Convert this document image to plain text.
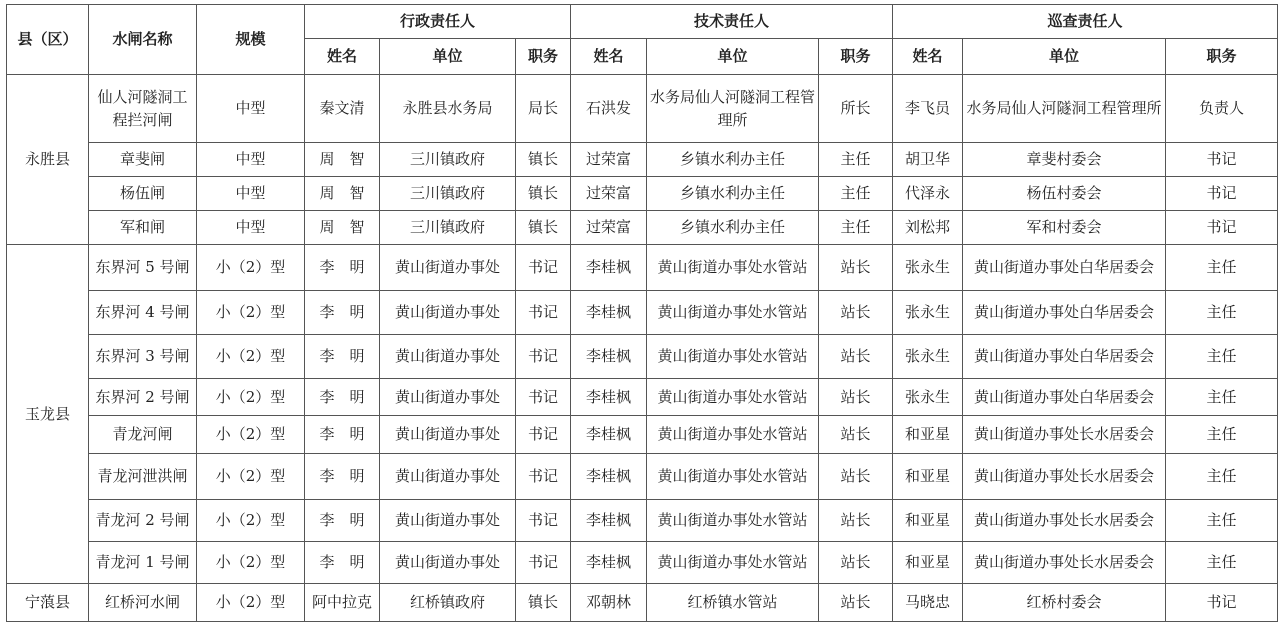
县（区）	水闸名称	规模	行政责任人			技术责任人			巡查责任人		
			姓名	单位	职务	姓名	单位	职务	姓名	单位	职务
永胜县	仙人河隧洞工程拦河闸	中型	秦文清	永胜县水务局	局长	石洪发	水务局仙人河隧洞工程管理所	所长	李飞员	水务局仙人河隧洞工程管理所	负责人
	章斐闸	中型	周　智	三川镇政府	镇长	过荣富	乡镇水利办主任	主任	胡卫华	章斐村委会	书记
	杨伍闸	中型	周　智	三川镇政府	镇长	过荣富	乡镇水利办主任	主任	代泽永	杨伍村委会	书记
	军和闸	中型	周　智	三川镇政府	镇长	过荣富	乡镇水利办主任	主任	刘松邦	军和村委会	书记
玉龙县	东界河 5 号闸	小（2）型	李　明	黄山街道办事处	书记	李桂枫	黄山街道办事处水管站	站长	张永生	黄山街道办事处白华居委会	主任
	东界河 4 号闸	小（2）型	李　明	黄山街道办事处	书记	李桂枫	黄山街道办事处水管站	站长	张永生	黄山街道办事处白华居委会	主任
	东界河 3 号闸	小（2）型	李　明	黄山街道办事处	书记	李桂枫	黄山街道办事处水管站	站长	张永生	黄山街道办事处白华居委会	主任
	东界河 2 号闸	小（2）型	李　明	黄山街道办事处	书记	李桂枫	黄山街道办事处水管站	站长	张永生	黄山街道办事处白华居委会	主任
	青龙河闸	小（2）型	李　明	黄山街道办事处	书记	李桂枫	黄山街道办事处水管站	站长	和亚星	黄山街道办事处长水居委会	主任
	青龙河泄洪闸	小（2）型	李　明	黄山街道办事处	书记	李桂枫	黄山街道办事处水管站	站长	和亚星	黄山街道办事处长水居委会	主任
	青龙河 2 号闸	小（2）型	李　明	黄山街道办事处	书记	李桂枫	黄山街道办事处水管站	站长	和亚星	黄山街道办事处长水居委会	主任
	青龙河 1 号闸	小（2）型	李　明	黄山街道办事处	书记	李桂枫	黄山街道办事处水管站	站长	和亚星	黄山街道办事处长水居委会	主任
宁蒗县	红桥河水闸	小（2）型	阿中拉克	红桥镇政府	镇长	邓朝林	红桥镇水管站	站长	马晓忠	红桥村委会	书记
